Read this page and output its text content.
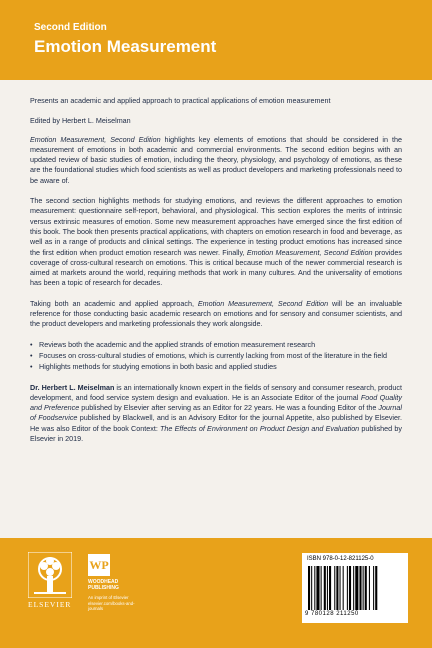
Second Edition
Emotion Measurement

Presents an academic and applied approach to practical applications of emotion measurement

Edited by Herbert L. Meiselman

Emotion Measurement, Second Edition highlights key elements of emotions that should be considered in the measurement of emotions in both academic and commercial environments. The second edition begins with an updated review of basic studies of emotion, including the theory, physiology, and psychology of emotions, as these are the foundational studies which food scientists as well as product developers and marketing professionals need to be aware of.

The second section highlights methods for studying emotions, and reviews the different approaches to emotion measurement: questionnaire self-report, behavioral, and physiological. This section explores the merits of intrinsic versus extrinsic measures of emotion. Some new measurement approaches have emerged since the first edition of this book. The book then presents practical applications, with chapters on emotion research in food and beverage, as well as in a range of products and clinical settings. The experience in testing product emotions has increased since the first edition when product emotion research was newer. Finally, Emotion Measurement, Second Edition provides coverage of cross-cultural research on emotions. This is critical because much of the newer commercial research is aimed at markets around the world, requiring methods that work in many cultures. And the universality of emotions has been a topic of research for decades.

Taking both an academic and applied approach, Emotion Measurement, Second Edition will be an invaluable reference for those conducting basic academic research on emotions and for sensory and consumer scientists, and the product developers and marketing professionals they work alongside.

• Reviews both the academic and the applied strands of emotion measurement research
• Focuses on cross-cultural studies of emotions, which is currently lacking from most of the literature in the field
• Highlights methods for studying emotions in both basic and applied studies

Dr. Herbert L. Meiselman is an internationally known expert in the fields of sensory and consumer research, product development, and food service system design and evaluation. He is an Associate Editor of the journal Food Quality and Preference published by Elsevier after serving as an Editor for 22 years. He was a founding Editor of the Journal of Foodservice published by Blackwell, and is an Advisory Editor for the journal Appetite, also published by Elsevier. He was also Editor of the book Context: The Effects of Environment on Product Design and Evaluation published by Elsevier in 2019.

ELSEVIER
WP
WOODHEAD
PUBLISHING
An imprint of Elsevier
elsevier.com/books-and-journals
ISBN 978-0-12-821125-0
9 780128 211250
